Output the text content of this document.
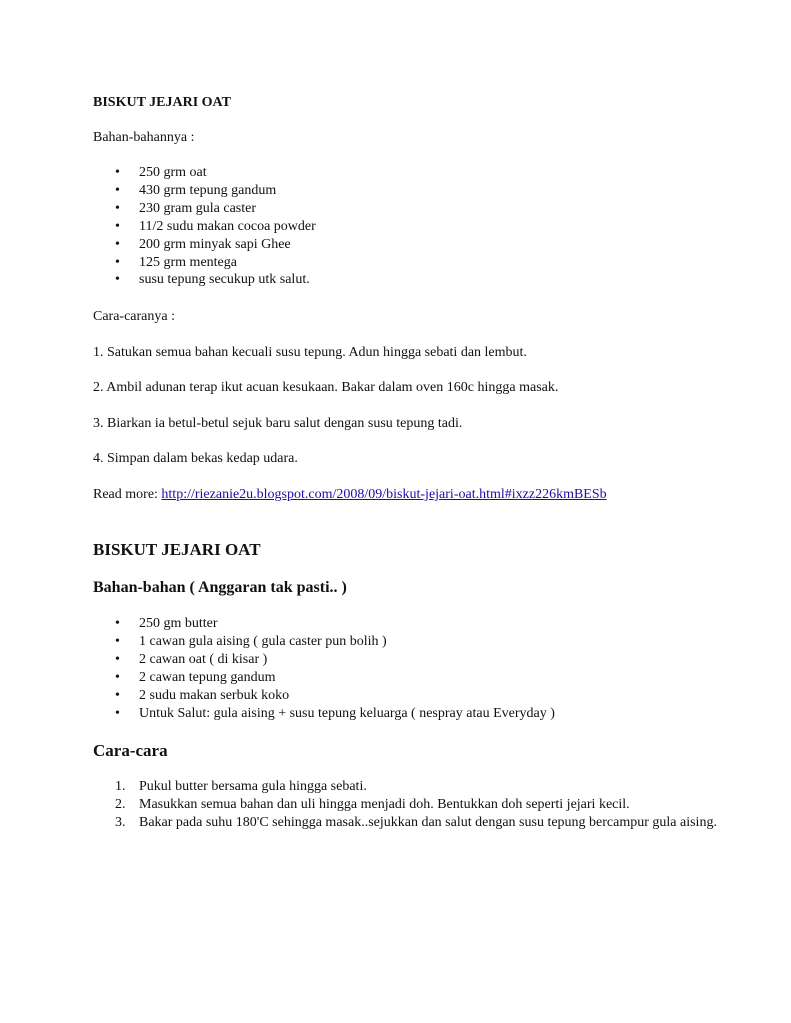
BISKUT JEJARI OAT

Bahan-bahannya :

• 250 grm oat
• 430 grm tepung gandum
• 230 gram gula caster
• 11/2 sudu makan cocoa powder
• 200 grm minyak sapi Ghee
• 125 grm mentega
• susu tepung secukup utk salut.

Cara-caranya :

1. Satukan semua bahan kecuali susu tepung. Adun hingga sebati dan lembut.

2. Ambil adunan terap ikut acuan kesukaan. Bakar dalam oven 160c hingga masak.

3. Biarkan ia betul-betul sejuk baru salut dengan susu tepung tadi.

4. Simpan dalam bekas kedap udara.

Read more: http://riezanie2u.blogspot.com/2008/09/biskut-jejari-oat.html#ixzz226kmBESb

BISKUT JEJARI OAT
Bahan-bahan ( Anggaran tak pasti.. )
• 250 gm butter
• 1 cawan gula aising ( gula caster pun bolih )
• 2 cawan oat ( di kisar )
• 2 cawan tepung gandum
• 2 sudu makan serbuk koko
• Untuk Salut: gula aising + susu tepung keluarga ( nespray atau Everyday )
Cara-cara
1. Pukul butter bersama gula hingga sebati.
2. Masukkan semua bahan dan uli hingga menjadi doh. Bentukkan doh seperti jejari kecil.
3. Bakar pada suhu 180'C sehingga masak..sejukkan dan salut dengan susu tepung bercampur gula aising.
